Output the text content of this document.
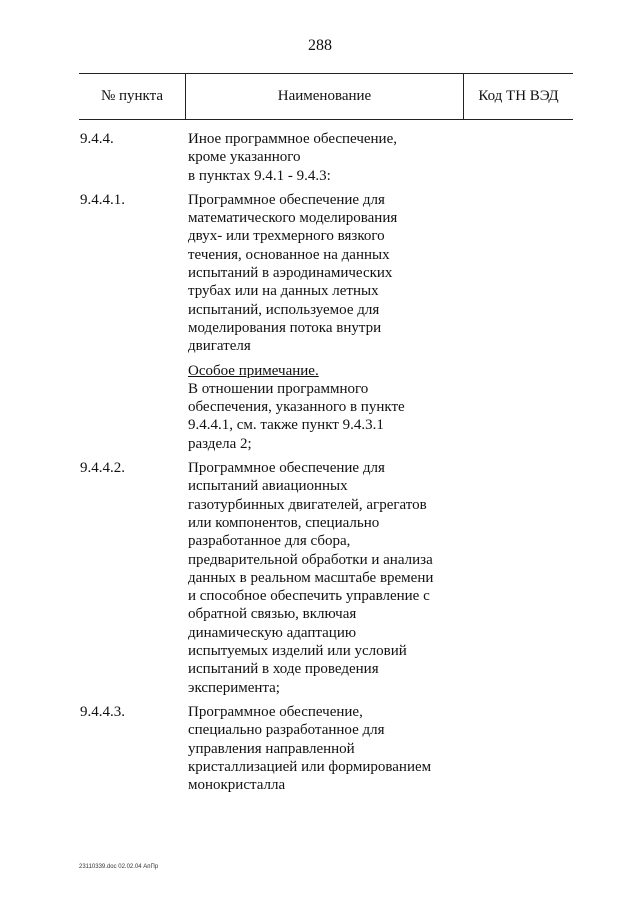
288
№ пункта	Наименование	Код ТН ВЭД
9.4.4.	Иное программное обеспечение,
кроме указанного
в пунктах 9.4.1 - 9.4.3:
9.4.4.1.	Программное обеспечение для
математического моделирования
двух- или трехмерного вязкого
течения, основанное на данных
испытаний в аэродинамических
трубах или на данных летных
испытаний, используемое для
моделирования потока внутри
двигателя
Особое примечание.
В отношении программного
обеспечения, указанного в пункте
9.4.4.1, см. также пункт 9.4.3.1
раздела 2;
9.4.4.2.	Программное обеспечение для
испытаний авиационных
газотурбинных двигателей, агрегатов
или компонентов, специально
разработанное для сбора,
предварительной обработки и анализа
данных в реальном масштабе времени
и способное обеспечить управление с
обратной связью, включая
динамическую адаптацию
испытуемых изделий или условий
испытаний в ходе проведения
эксперимента;
9.4.4.3.	Программное обеспечение,
специально разработанное для
управления направленной
кристаллизацией или формированием
монокристалла
23110339.doc 02.02.04 АпПр
